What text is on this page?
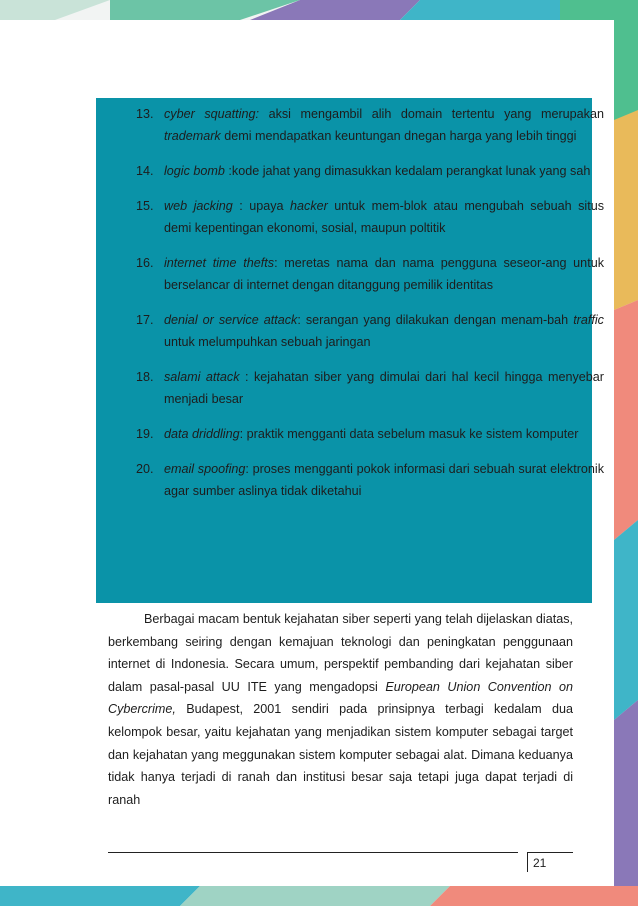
13. cyber squatting: aksi mengambil alih domain tertentu yang merupakan trademark demi mendapatkan keuntungan dnegan harga yang lebih tinggi
14. logic bomb :kode jahat yang dimasukkan kedalam perangkat lunak yang sah
15. web jacking : upaya hacker untuk mem-blok atau mengubah sebuah situs demi kepentingan ekonomi, sosial, maupun poltitik
16. internet time thefts: meretas nama dan nama pengguna seseor-ang untuk berselancar di internet dengan ditanggung pemilik identitas
17. denial or service attack: serangan yang dilakukan dengan menam-bah traffic untuk melumpuhkan sebuah jaringan
18. salami attack : kejahatan siber yang dimulai dari hal kecil hingga menyebar menjadi besar
19. data driddling: praktik mengganti data sebelum masuk ke sistem komputer
20. email spoofing: proses mengganti pokok informasi dari sebuah surat elektronik agar sumber aslinya tidak diketahui

Berbagai macam bentuk kejahatan siber seperti yang telah dijelaskan diatas, berkembang seiring dengan kemajuan teknologi dan peningkatan penggunaan internet di Indonesia. Secara umum, perspektif pembanding dari kejahatan siber dalam pasal-pasal UU ITE yang mengadopsi European Union Convention on Cybercrime, Budapest, 2001 sendiri pada prinsipnya terbagi kedalam dua kelompok besar, yaitu kejahatan yang menjadikan sistem komputer sebagai target dan kejahatan yang meggunakan sistem komputer sebagai alat. Dimana keduanya tidak hanya terjadi di ranah dan institusi besar saja tetapi juga dapat terjadi di ranah

21
